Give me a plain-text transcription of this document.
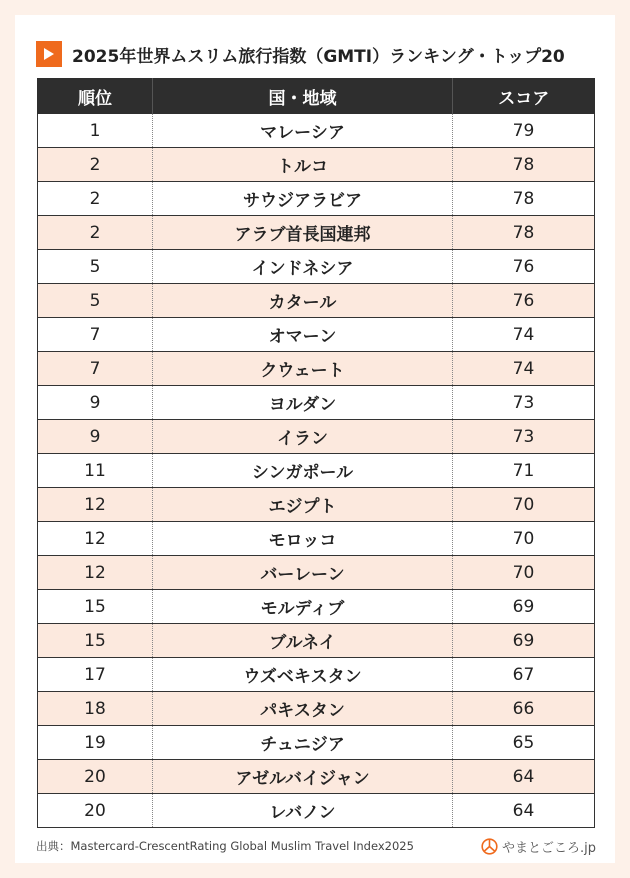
2025年世界ムスリム旅行指数（GMTI）ランキング・トップ20
順位	国・地域	スコア
1	マレーシア	79
2	トルコ	78
2	サウジアラビア	78
2	アラブ首長国連邦	78
5	インドネシア	76
5	カタール	76
7	オマーン	74
7	クウェート	74
9	ヨルダン	73
9	イラン	73
11	シンガポール	71
12	エジプト	70
12	モロッコ	70
12	バーレーン	70
15	モルディブ	69
15	ブルネイ	69
17	ウズベキスタン	67
18	パキスタン	66
19	チュニジア	65
20	アゼルバイジャン	64
20	レバノン	64
出典：Mastercard-CrescentRating Global Muslim Travel Index2025	やまとごころ.jp
